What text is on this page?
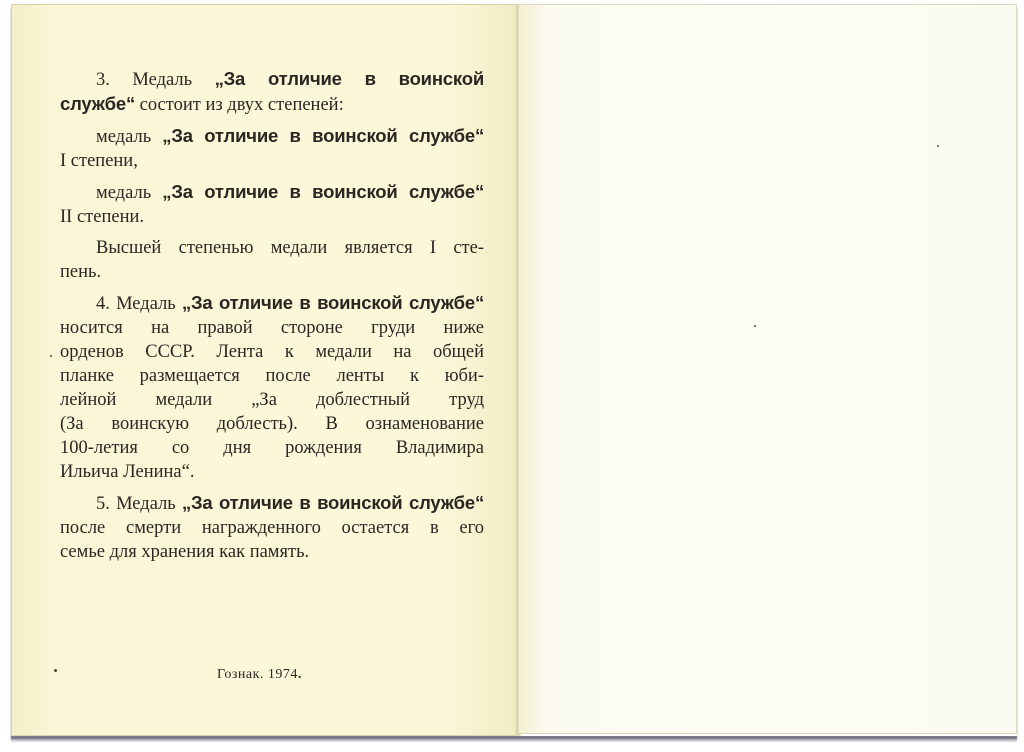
3. Медаль „За отличие в воинской
службе“ состоит из двух степеней:
медаль „За отличие в воинской службе“
I степени,
медаль „За отличие в воинской службе“
II степени.
Высшей степенью медали является I сте-
пень.
4. Медаль „За отличие в воинской службе“
носится на правой стороне груди ниже
орденов СССР. Лента к медали на общей
планке размещается после ленты к юби-
лейной медали „За доблестный труд
(За воинскую доблесть). В ознаменование
100-летия со дня рождения Владимира
Ильича Ленина“.
5. Медаль „За отличие в воинской службе“
после смерти награжденного остается в его
семье для хранения как память.
Гознак. 1974.
